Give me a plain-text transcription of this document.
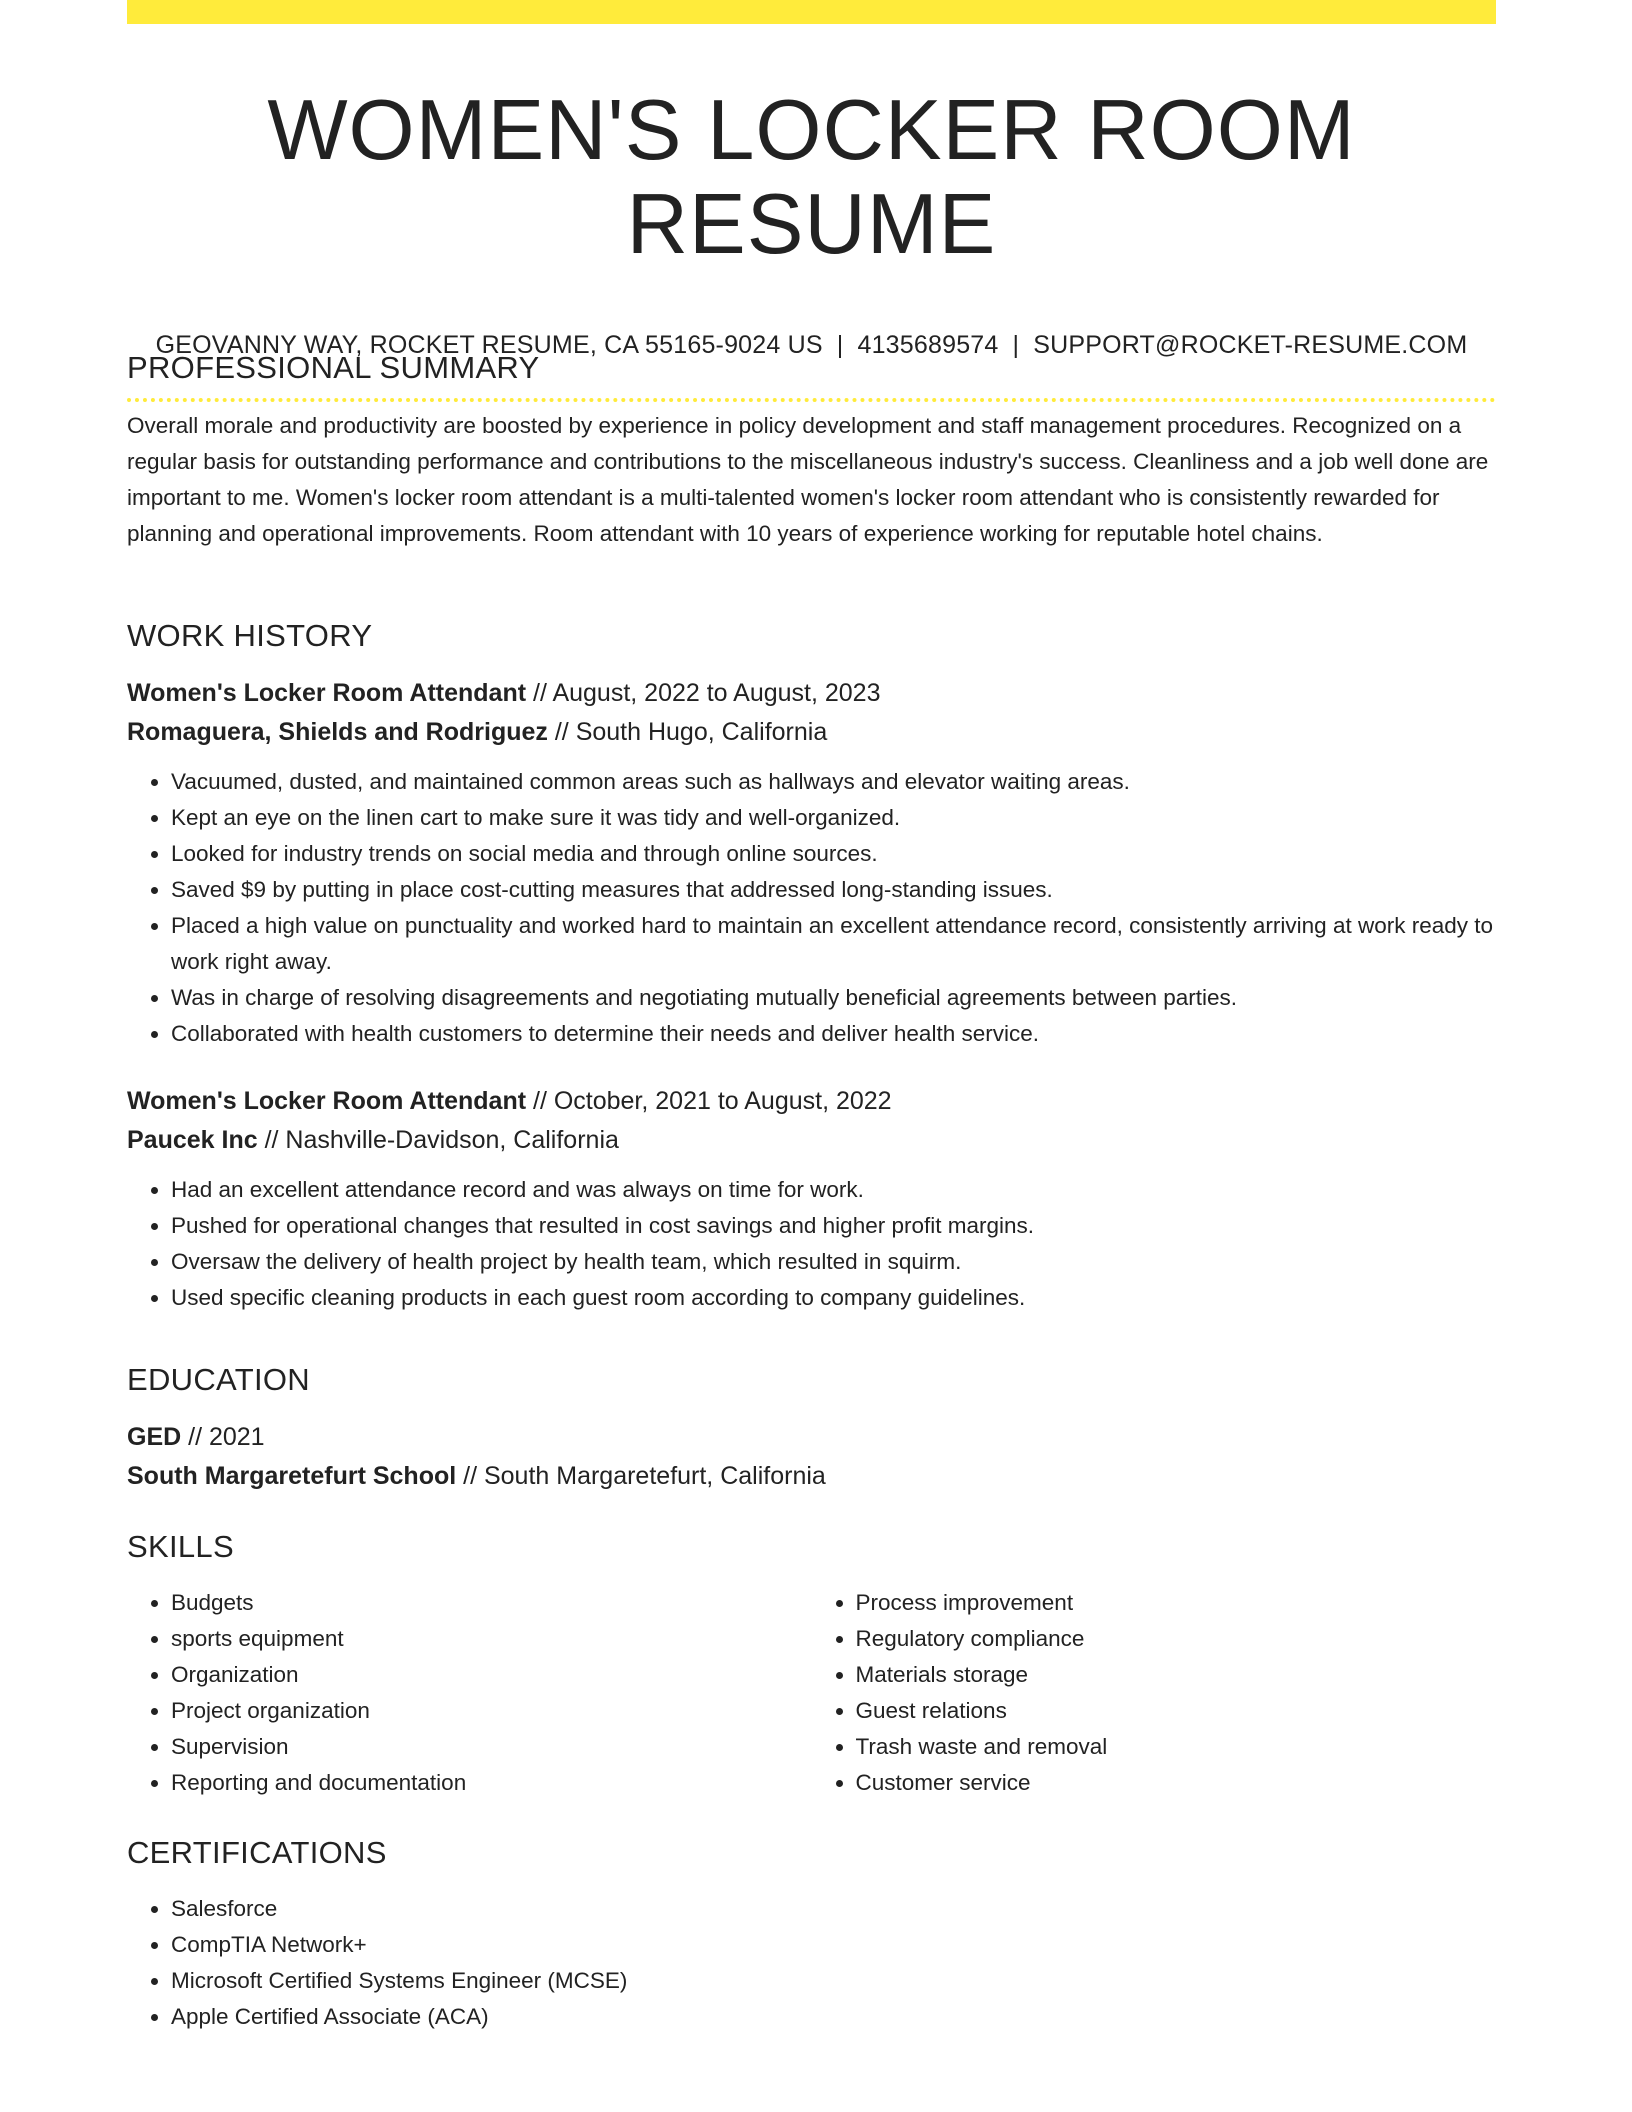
WOMEN'S LOCKER ROOM RESUME
GEOVANNY WAY, ROCKET RESUME, CA 55165-9024 US | 4135689574 | SUPPORT@ROCKET-RESUME.COM
PROFESSIONAL SUMMARY

Overall morale and productivity are boosted by experience in policy development and staff management procedures. Recognized on a regular basis for outstanding performance and contributions to the miscellaneous industry's success. Cleanliness and a job well done are important to me. Women's locker room attendant is a multi-talented women's locker room attendant who is consistently rewarded for planning and operational improvements. Room attendant with 10 years of experience working for reputable hotel chains.

WORK HISTORY
Women's Locker Room Attendant // August, 2022 to August, 2023
Romaguera, Shields and Rodriguez // South Hugo, California
• Vacuumed, dusted, and maintained common areas such as hallways and elevator waiting areas.
• Kept an eye on the linen cart to make sure it was tidy and well-organized.
• Looked for industry trends on social media and through online sources.
• Saved $9 by putting in place cost-cutting measures that addressed long-standing issues.
• Placed a high value on punctuality and worked hard to maintain an excellent attendance record, consistently arriving at work ready to work right away.
• Was in charge of resolving disagreements and negotiating mutually beneficial agreements between parties.
• Collaborated with health customers to determine their needs and deliver health service.
Women's Locker Room Attendant // October, 2021 to August, 2022
Paucek Inc // Nashville-Davidson, California
• Had an excellent attendance record and was always on time for work.
• Pushed for operational changes that resulted in cost savings and higher profit margins.
• Oversaw the delivery of health project by health team, which resulted in squirm.
• Used specific cleaning products in each guest room according to company guidelines.
EDUCATION
GED // 2021
South Margaretefurt School // South Margaretefurt, California
SKILLS
• Budgets
• sports equipment
• Organization
• Project organization
• Supervision
• Reporting and documentation
• Process improvement
• Regulatory compliance
• Materials storage
• Guest relations
• Trash waste and removal
• Customer service
CERTIFICATIONS
• Salesforce
• CompTIA Network+
• Microsoft Certified Systems Engineer (MCSE)
• Apple Certified Associate (ACA)
